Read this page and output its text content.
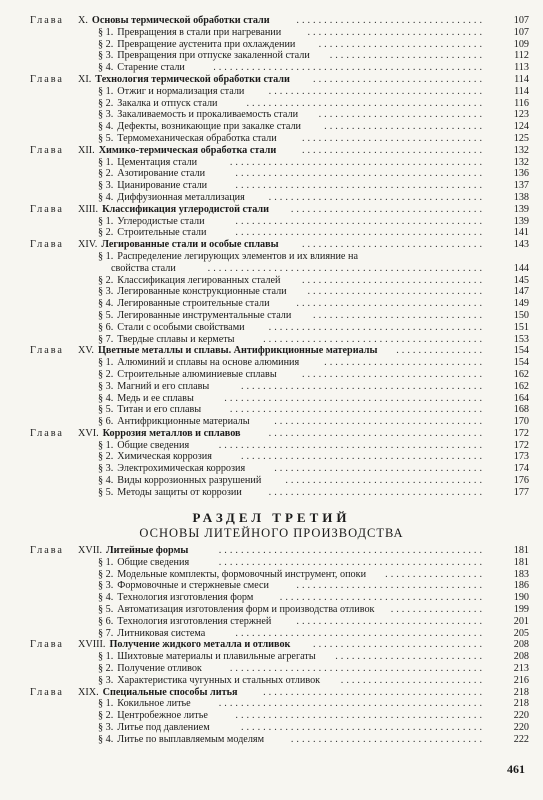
Глава X. Основы термической обработки стали	..................................	107
§ 1. Превращения в стали при нагревании	................................	107
§ 2. Превращение аустенита при охлаждении	..............................	109
§ 3. Превращения при отпуске закаленной стали	............................	112
§ 4. Старение стали	.................................................	113
Глава XI. Технология термической обработки стали	...............................	114
§ 1. Отжиг и нормализация стали	.......................................	114
§ 2. Закалка и отпуск стали	...........................................	116
§ 3. Закаливаемость и прокаливаемость стали	..............................	123
§ 4. Дефекты, возникающие при закалке стали	.............................	124
§ 5. Термомеханическая обработка стали	.................................	125
Глава XII. Химико-термическая обработка стали	.................................	132
§ 1. Цементация стали	..............................................	132
§ 2. Азотирование стали	.............................................	136
§ 3. Цианирование стали	.............................................	137
§ 4. Диффузионная металлизация	.......................................	138
Глава XIII. Классификация углеродистой стали	...................................	139
§ 1. Углеродистые стали	.............................................	139
§ 2. Строительные стали	.............................................	141
Глава XIV. Легированные стали и особые сплавы	.................................	143
§ 1. Распределение легирующих элементов и их влияние на
свойства стали	..................................................	144
§ 2. Классификация легированных сталей	.................................	145
§ 3. Легированные конструкционные стали	................................	147
§ 4. Легированные строительные стали	..................................	149
§ 5. Легированные инструментальные стали	...............................	150
§ 6. Стали с особыми свойствами	.......................................	151
§ 7. Твердые сплавы и керметы	........................................	153
Глава XV. Цветные металлы и сплавы. Антифрикционные материалы	................	154
§ 1. Алюминий и сплавы на основе алюминия	.............................	154
§ 2. Строительные алюминиевые сплавы	.................................	162
§ 3. Магний и его сплавы	............................................	162
§ 4. Медь и ее сплавы	...............................................	164
§ 5. Титан и его сплавы	..............................................	168
§ 6. Антифрикционные материалы	......................................	170
Глава XVI. Коррозия металлов и сплавов	.......................................	172
§ 1. Общие сведения	................................................	172
§ 2. Химическая коррозия	............................................	173
§ 3. Электрохимическая коррозия	......................................	174
§ 4. Виды коррозионных разрушений	....................................	176
§ 5. Методы защиты от коррозии	.......................................	177
РАЗДЕЛ ТРЕТИЙ
ОСНОВЫ ЛИТЕЙНОГО ПРОИЗВОДСТВА
Глава XVII. Литейные формы	................................................	181
§ 1. Общие сведения	................................................	181
§ 2. Модельные комплекты, формовочный инструмент, опоки	..................	183
§ 3. Формовочные и стержневые смеси	..................................	186
§ 4. Технология изготовления форм	.....................................	190
§ 5. Автоматизация изготовления форм и производства отливок	.................	199
§ 6. Технология изготовления стержней	..................................	201
§ 7. Литниковая система	.............................................	205
Глава XVIII. Получение жидкого металла и отливок	...............................	208
§ 1. Шихтовые материалы и плавильные агрегаты	...........................	208
§ 2. Получение отливок	..............................................	213
§ 3. Характеристика чугунных и стальных отливок	..........................	216
Глава XIX. Специальные способы литья	........................................	218
§ 1. Кокильное литье	................................................	218
§ 2. Центробежное литье	.............................................	220
§ 3. Литье под давлением	............................................	220
§ 4. Литье по выплавляемым моделям	...................................	222
461
